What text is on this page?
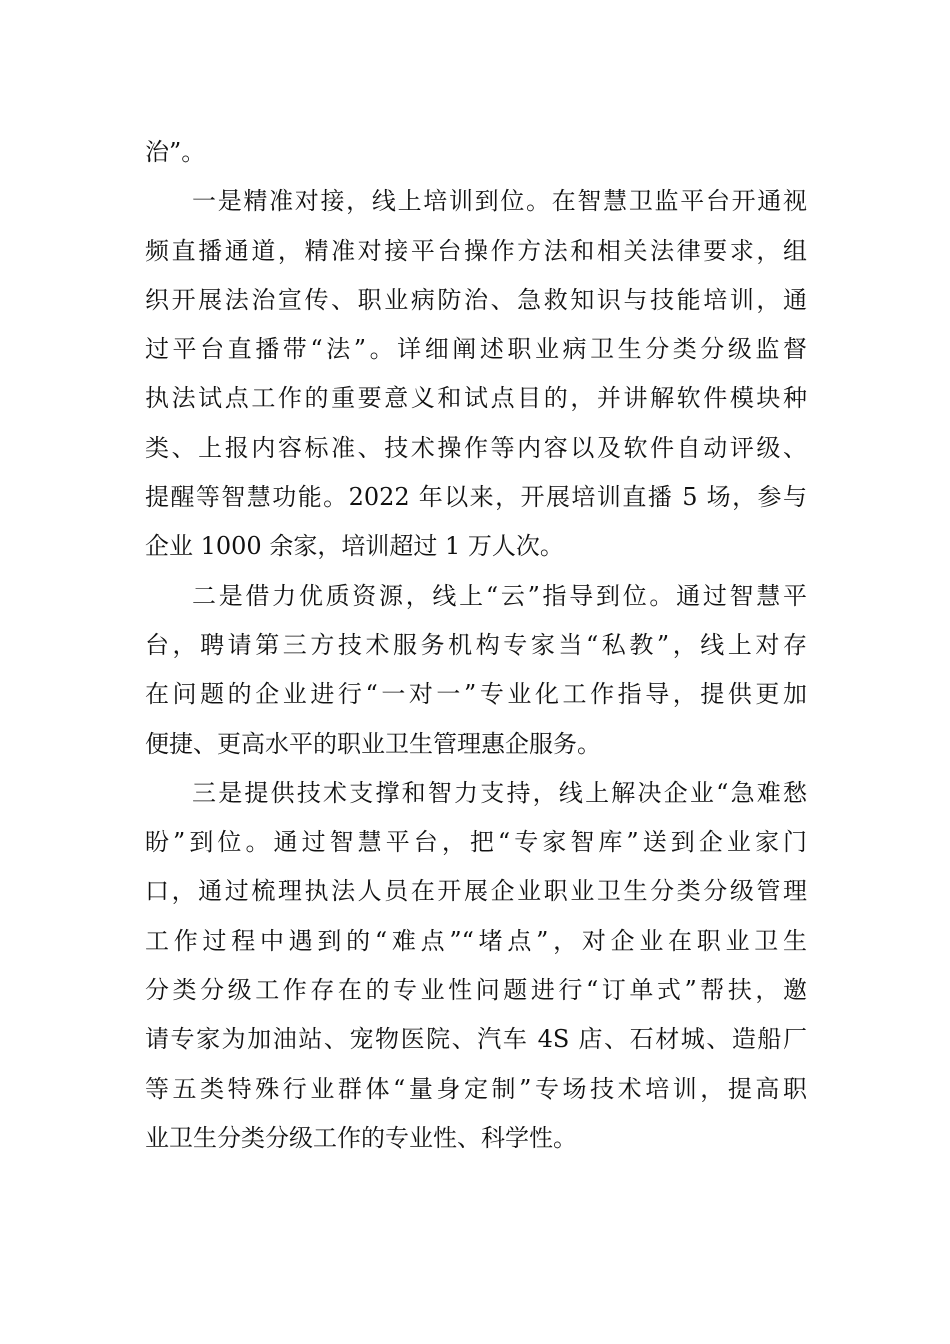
治”。
一是精准对接，线上培训到位。在智慧卫监平台开通视
频直播通道，精准对接平台操作方法和相关法律要求，组
织开展法治宣传、职业病防治、急救知识与技能培训，通
过平台直播带“法”。详细阐述职业病卫生分类分级监督
执法试点工作的重要意义和试点目的，并讲解软件模块种
类、上报内容标准、技术操作等内容以及软件自动评级、
提醒等智慧功能。2022 年以来，开展培训直播 5 场，参与
企业 1000 余家，培训超过 1 万人次。
二是借力优质资源，线上“云”指导到位。通过智慧平
台，聘请第三方技术服务机构专家当“私教”，线上对存
在问题的企业进行“一对一”专业化工作指导，提供更加
便捷、更高水平的职业卫生管理惠企服务。
三是提供技术支撑和智力支持，线上解决企业“急难愁
盼”到位。通过智慧平台，把“专家智库”送到企业家门
口，通过梳理执法人员在开展企业职业卫生分类分级管理
工作过程中遇到的“难点”“堵点”，对企业在职业卫生
分类分级工作存在的专业性问题进行“订单式”帮扶，邀
请专家为加油站、宠物医院、汽车 4S 店、石材城、造船厂
等五类特殊行业群体“量身定制”专场技术培训，提高职
业卫生分类分级工作的专业性、科学性。
